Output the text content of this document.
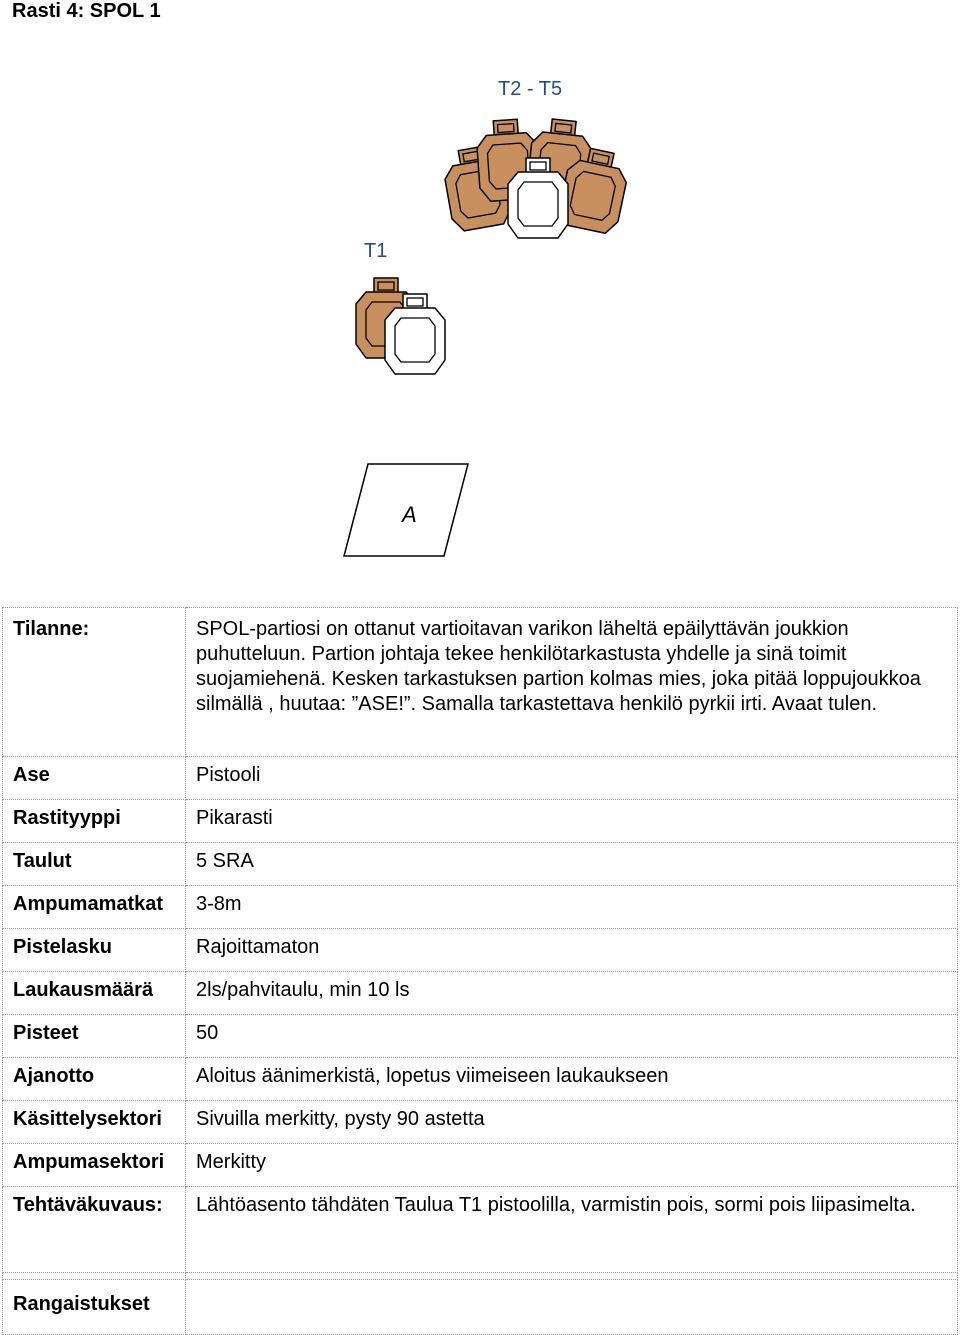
Rasti 4: SPOL 1
T2 - T5
T1
A
Tilanne:	SPOL-partiosi on ottanut vartioitavan varikon läheltä epäilyttävän joukkion puhutteluun. Partion johtaja tekee henkilötarkastusta yhdelle ja sinä toimit suojamiehenä. Kesken tarkastuksen partion kolmas mies, joka pitää loppujoukkoa silmällä , huutaa: ”ASE!”. Samalla tarkastettava henkilö pyrkii irti. Avaat tulen.
Ase	Pistooli
Rastityyppi	Pikarasti
Taulut	5 SRA
Ampumamatkat	3-8m
Pistelasku	Rajoittamaton
Laukausmäärä	2ls/pahvitaulu, min 10 ls
Pisteet	50
Ajanotto	Aloitus äänimerkistä, lopetus viimeiseen laukaukseen
Käsittelysektori	Sivuilla merkitty, pysty 90 astetta
Ampumasektori	Merkitty
Tehtäväkuvaus:	Lähtöasento tähdäten Taulua T1 pistoolilla, varmistin pois, sormi pois liipasimelta.

Rangaistukset	
